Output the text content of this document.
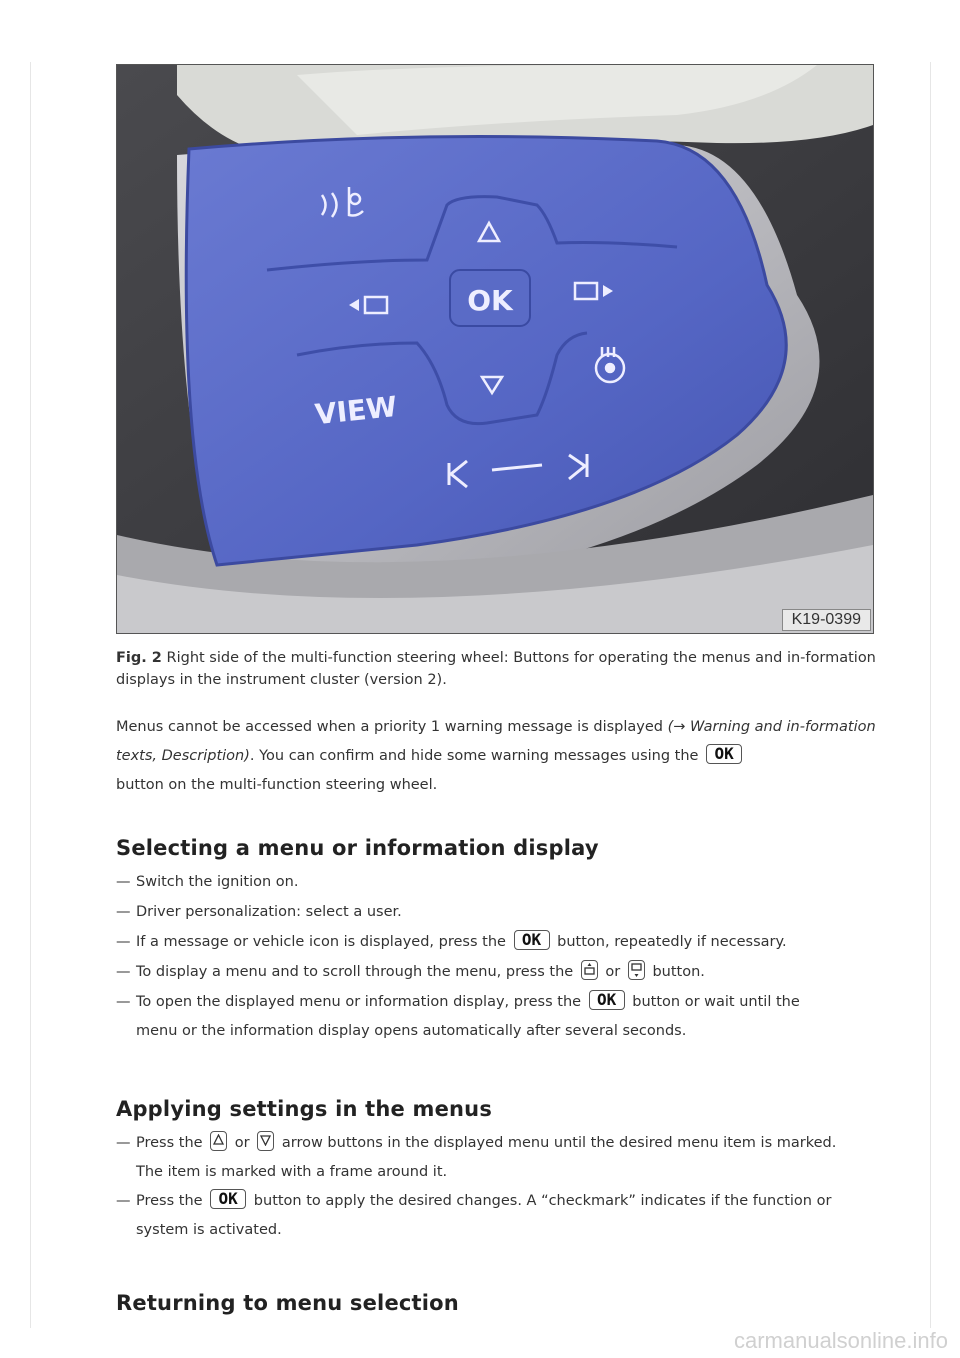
OK
VIEW
K19-0399
Fig. 2 Right side of the multi-function steering wheel: Buttons for operating the menus and in-formation displays in the instrument cluster (version 2).
Menus cannot be accessed when a priority 1 warning message is displayed (→ Warning and in-formation texts, Description). You can confirm and hide some warning messages using the OK
button on the multi-function steering wheel.
Selecting a menu or information display
— Switch the ignition on.
— Driver personalization: select a user.
— If a message or vehicle icon is displayed, press the OK button, repeatedly if necessary.
— To display a menu and to scroll through the menu, press the or button.
— To open the displayed menu or information display, press the OK button or wait until the
menu or the information display opens automatically after several seconds.
Applying settings in the menus
— Press the or arrow buttons in the displayed menu until the desired menu item is marked.
The item is marked with a frame around it.
— Press the OK button to apply the desired changes. A “checkmark” indicates if the function or
system is activated.
Returning to menu selection
carmanualsonline.info
